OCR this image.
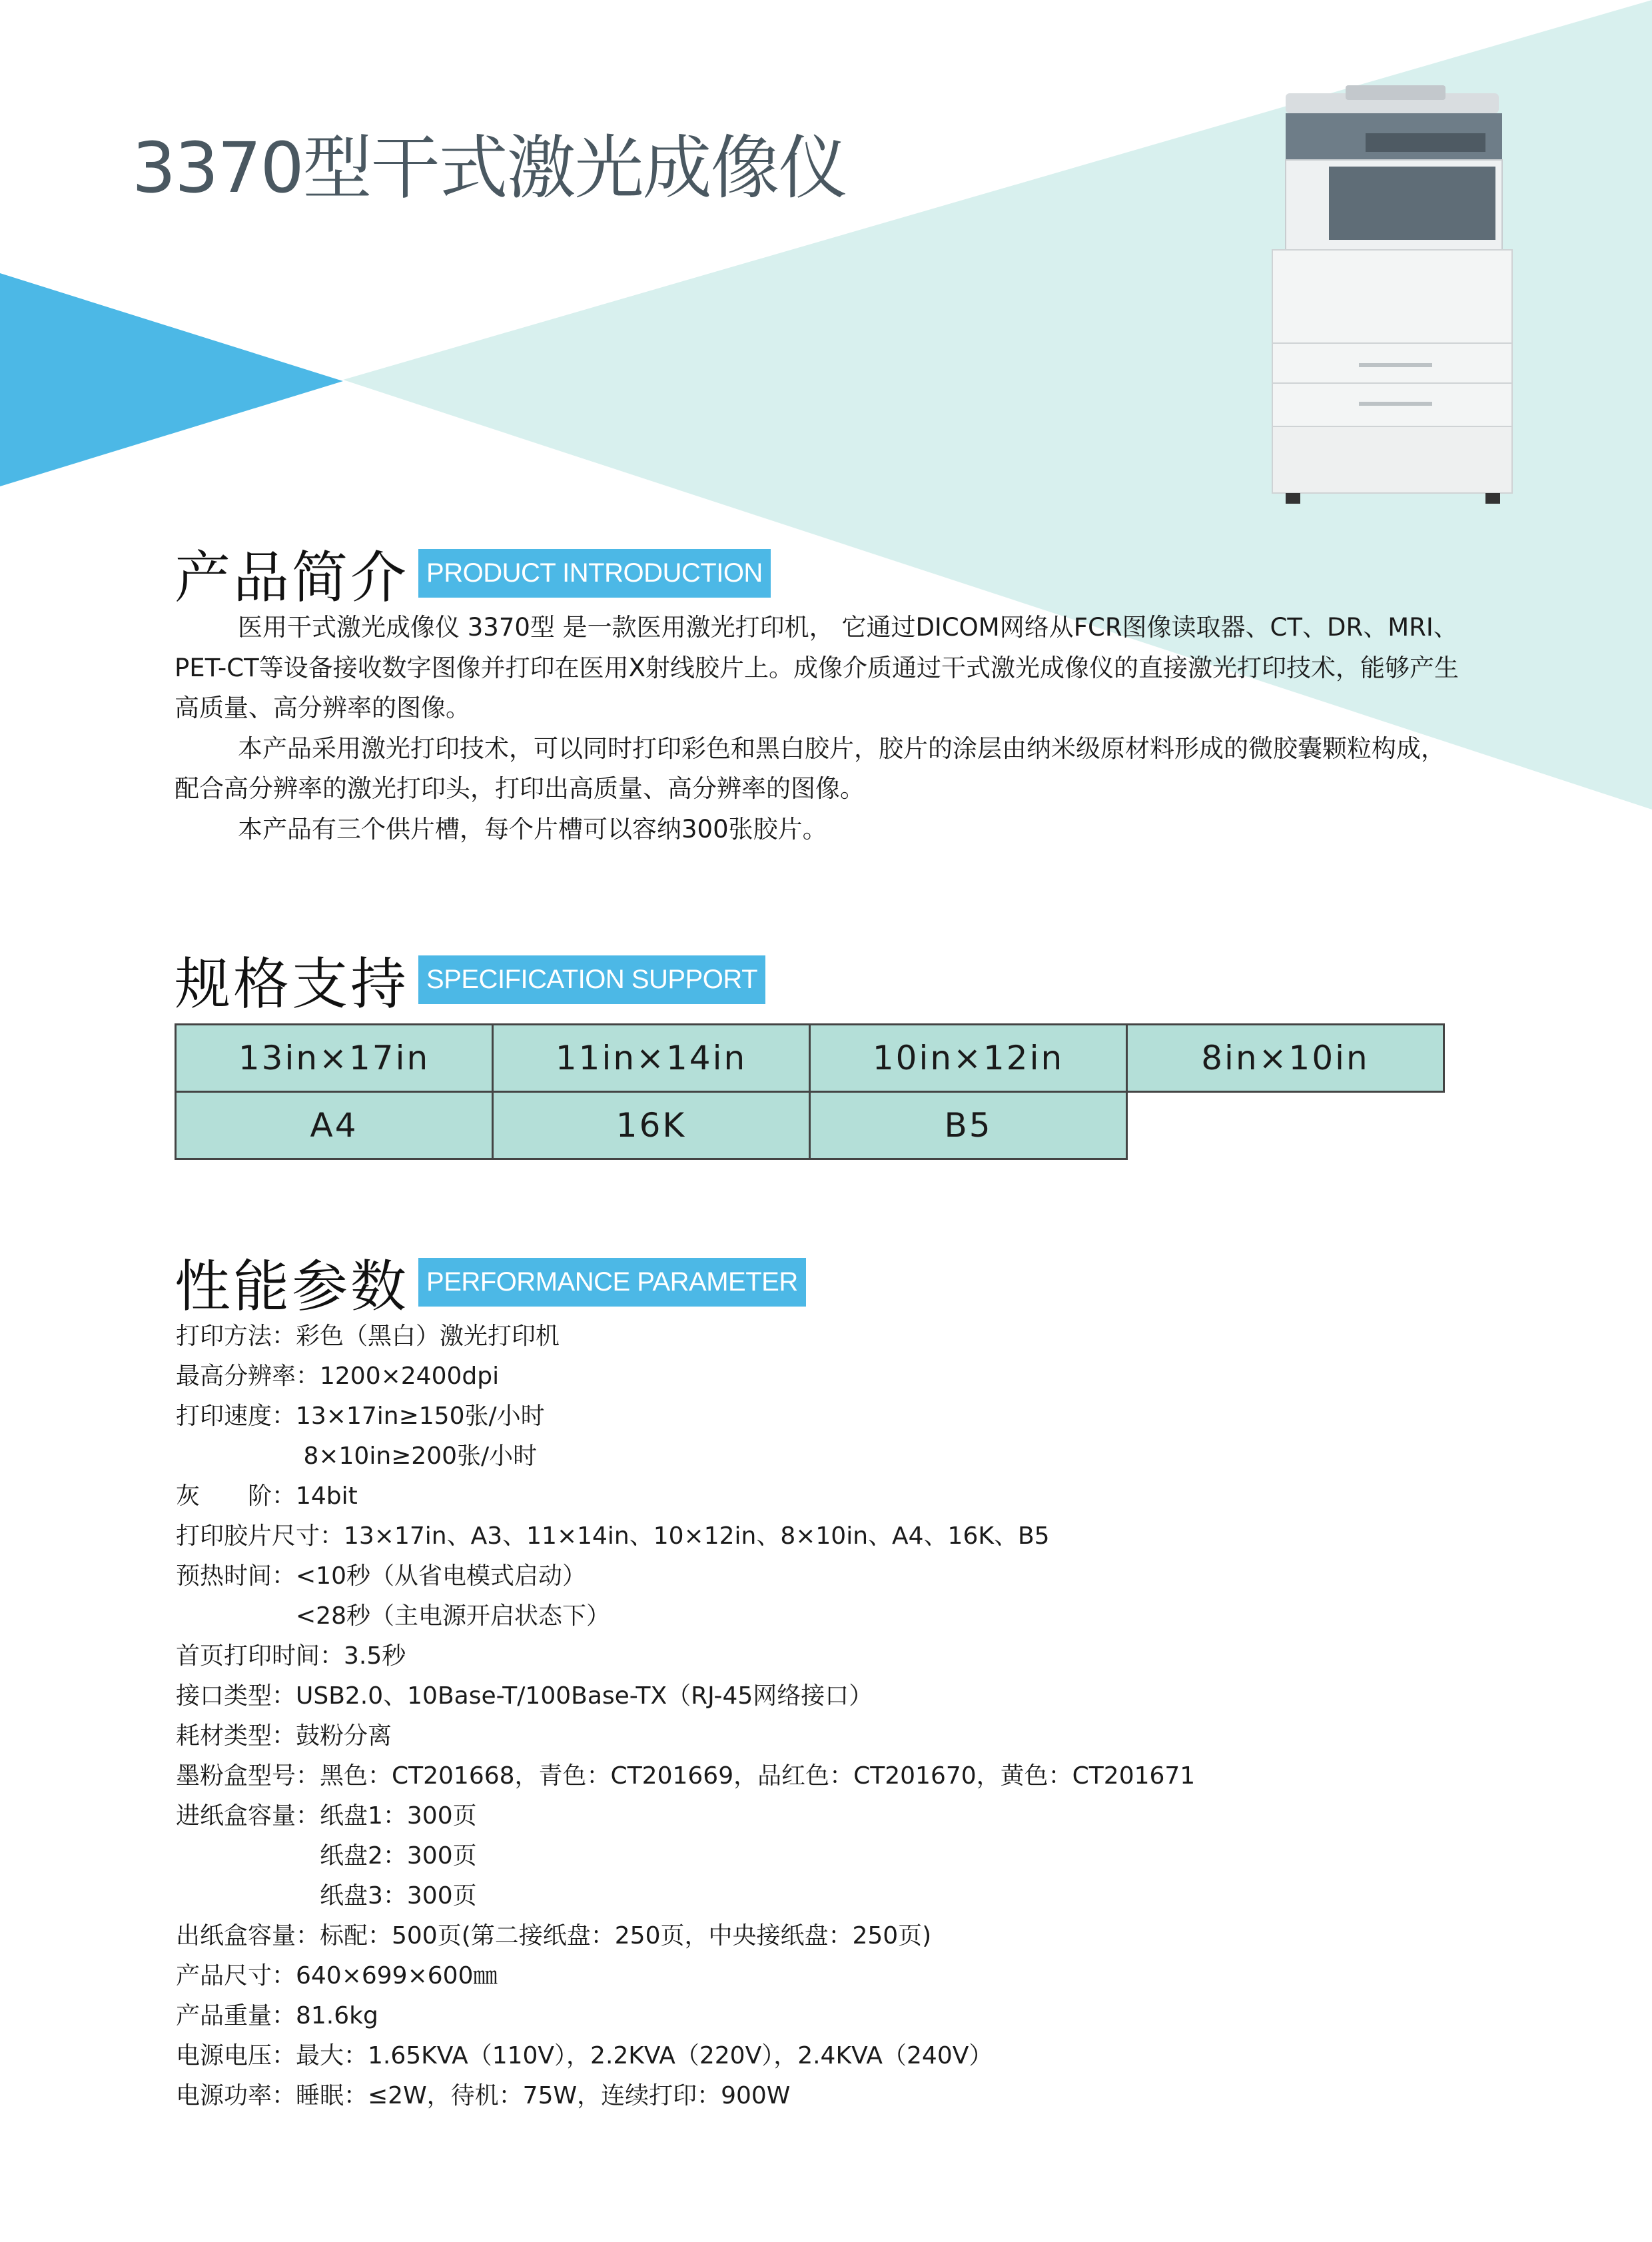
3370型干式激光成像仪
产品简介 PRODUCT INTRODUCTION

医用干式激光成像仪 3370型 是一款医用激光打印机， 它通过DICOM网络从FCR图像读取器、CT、DR、MRI、PET-CT等设备接收数字图像并打印在医用X射线胶片上。成像介质通过干式激光成像仪的直接激光打印技术，能够产生高质量、高分辨率的图像。

本产品采用激光打印技术，可以同时打印彩色和黑白胶片，胶片的涂层由纳米级原材料形成的微胶囊颗粒构成，配合高分辨率的激光打印头，打印出高质量、高分辨率的图像。

本产品有三个供片槽，每个片槽可以容纳300张胶片。

规格支持 SPECIFICATION SUPPORT
13in×17in	11in×14in	10in×12in	8in×10in
A4	16K	B5	
性能参数 PERFORMANCE PARAMETER
打印方法：彩色（黑白）激光打印机
最高分辨率：1200×2400dpi
打印速度：13×17in≥150张/小时
　　　　　 8×10in≥200张/小时
灰　　阶：14bit
打印胶片尺寸：13×17in、A3、11×14in、10×12in、8×10in、A4、16K、B5
预热时间：<10秒（从省电模式启动）
　　　　　<28秒（主电源开启状态下）
首页打印时间：3.5秒
接口类型：USB2.0、10Base-T/100Base-TX（RJ-45网络接口）
耗材类型：鼓粉分离
墨粉盒型号：黑色：CT201668，青色：CT201669，品红色：CT201670，黄色：CT201671
进纸盒容量：纸盘1：300页
　　　　　　纸盘2：300页
　　　　　　纸盘3：300页
出纸盒容量：标配：500页(第二接纸盘：250页，中央接纸盘：250页)
产品尺寸：640×699×600㎜
产品重量：81.6kg
电源电压：最大：1.65KVA（110V），2.2KVA（220V），2.4KVA（240V）
电源功率：睡眠：≤2W，待机：75W，连续打印：900W
